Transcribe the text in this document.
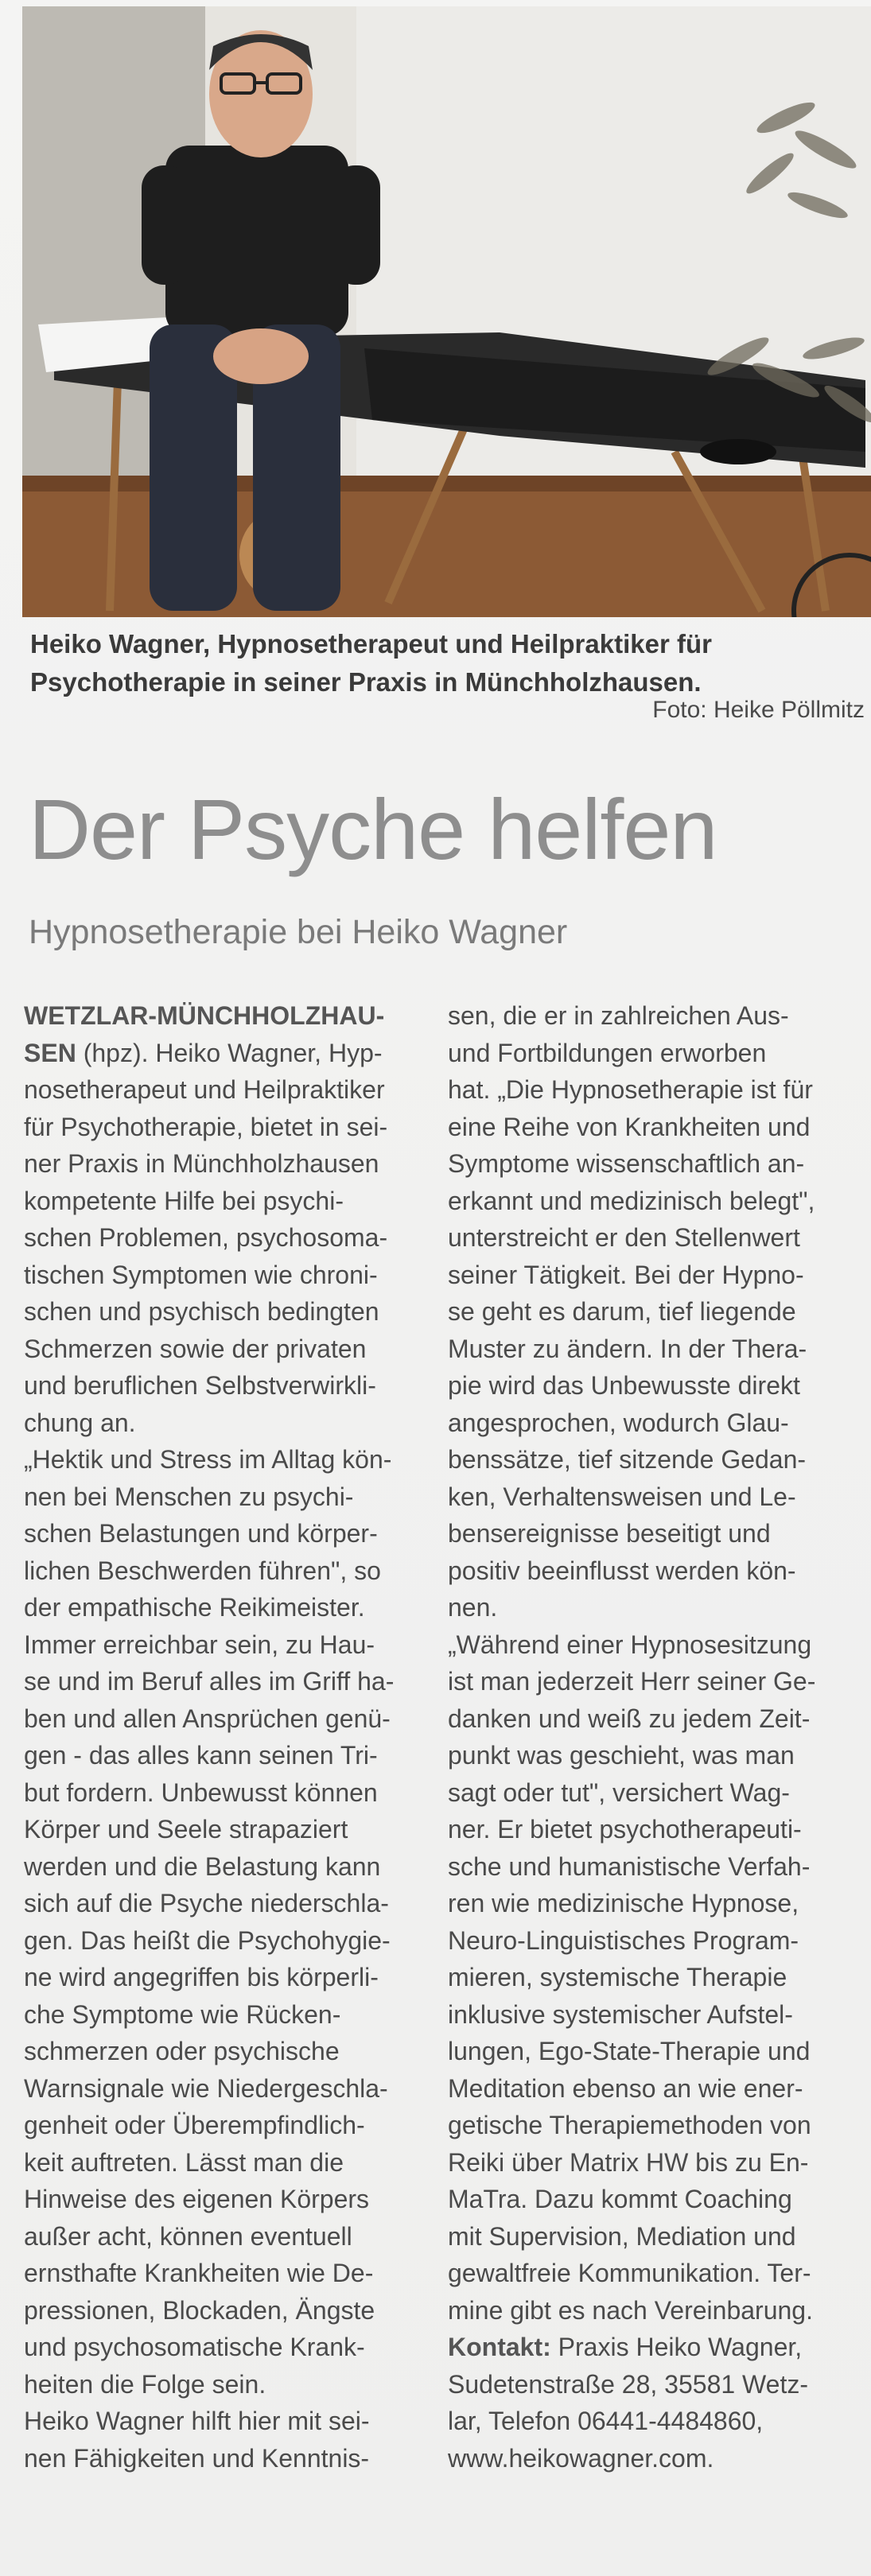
Heiko Wagner, Hypnosetherapeut und Heilpraktiker für Psychotherapie in seiner Praxis in Münchholzhausen.
Foto: Heike Pöllmitz
Der Psyche helfen
Hypnosetherapie bei Heiko Wagner
WETZLAR-MÜNCHHOLZHAU-
SEN (hpz). Heiko Wagner, Hyp-
nosetherapeut und Heilpraktiker
für Psychotherapie, bietet in sei-
ner Praxis in Münchholzhausen
kompetente Hilfe bei psychi-
schen Problemen, psychosoma-
tischen Symptomen wie chroni-
schen und psychisch bedingten
Schmerzen sowie der privaten
und beruflichen Selbstverwirkli-
chung an.
„Hektik und Stress im Alltag kön-
nen bei Menschen zu psychi-
schen Belastungen und körper-
lichen Beschwerden führen", so
der empathische Reikimeister.
Immer erreichbar sein, zu Hau-
se und im Beruf alles im Griff ha-
ben und allen Ansprüchen genü-
gen - das alles kann seinen Tri-
but fordern. Unbewusst können
Körper und Seele strapaziert
werden und die Belastung kann
sich auf die Psyche niederschla-
gen. Das heißt die Psychohygie-
ne wird angegriffen bis körperli-
che Symptome wie Rücken-
schmerzen oder psychische
Warnsignale wie Niedergeschla-
genheit oder Überempfindlich-
keit auftreten. Lässt man die
Hinweise des eigenen Körpers
außer acht, können eventuell
ernsthafte Krankheiten wie De-
pressionen, Blockaden, Ängste
und psychosomatische Krank-
heiten die Folge sein.
Heiko Wagner hilft hier mit sei-
nen Fähigkeiten und Kenntnis-
sen, die er in zahlreichen Aus-
und Fortbildungen erworben
hat. „Die Hypnosetherapie ist für
eine Reihe von Krankheiten und
Symptome wissenschaftlich an-
erkannt und medizinisch belegt",
unterstreicht er den Stellenwert
seiner Tätigkeit. Bei der Hypno-
se geht es darum, tief liegende
Muster zu ändern. In der Thera-
pie wird das Unbewusste direkt
angesprochen, wodurch Glau-
benssätze, tief sitzende Gedan-
ken, Verhaltensweisen und Le-
bensereignisse beseitigt und
positiv beeinflusst werden kön-
nen.
„Während einer Hypnosesitzung
ist man jederzeit Herr seiner Ge-
danken und weiß zu jedem Zeit-
punkt was geschieht, was man
sagt oder tut", versichert Wag-
ner. Er bietet psychotherapeuti-
sche und humanistische Verfah-
ren wie medizinische Hypnose,
Neuro-Linguistisches Program-
mieren, systemische Therapie
inklusive systemischer Aufstel-
lungen, Ego-State-Therapie und
Meditation ebenso an wie ener-
getische Therapiemethoden von
Reiki über Matrix HW bis zu En-
MaTra. Dazu kommt Coaching
mit Supervision, Mediation und
gewaltfreie Kommunikation. Ter-
mine gibt es nach Vereinbarung.
Kontakt: Praxis Heiko Wagner,
Sudetenstraße 28, 35581 Wetz-
lar, Telefon 06441-4484860,
www.heikowagner.com.
